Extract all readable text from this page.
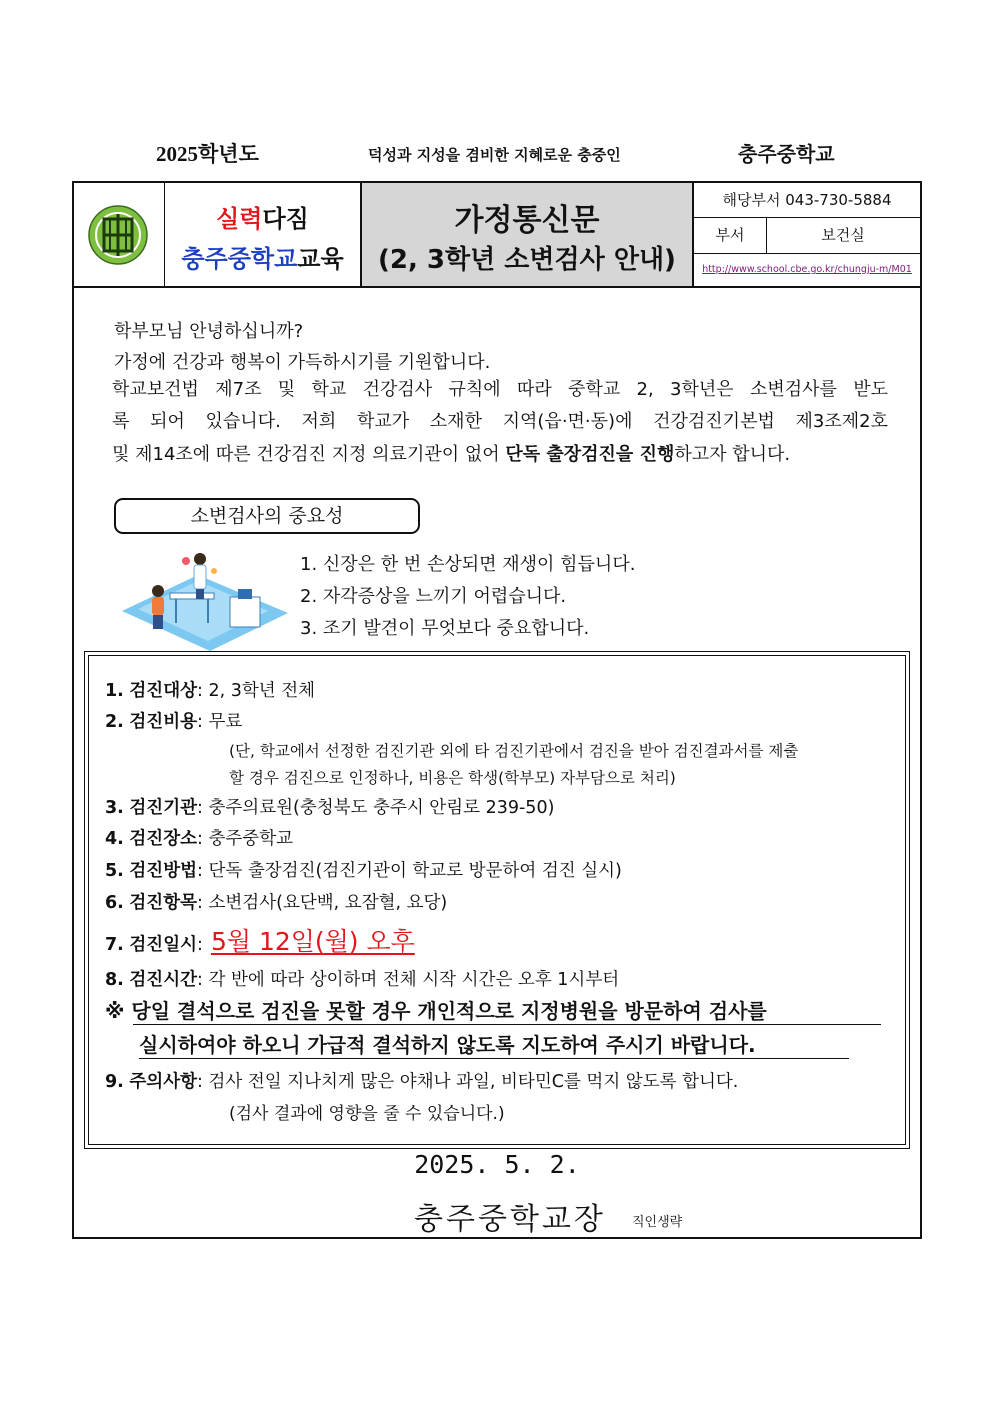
2025학년도	덕성과 지성을 겸비한 지혜로운 충중인	충주중학교
실력다짐
충주중학교교육
가정통신문
(2, 3학년 소변검사 안내)
해당부서 043-730-5884
부서	보건실
http://www.school.cbe.go.kr/chungju-m/M01
학부모님 안녕하십니까?
가정에 건강과 행복이 가득하시기를 기원합니다.
학교보건법 제7조 및 학교 건강검사 규칙에 따라 중학교 2, 3학년은 소변검사를 받도
록 되어 있습니다. 저희 학교가 소재한 지역(읍·면·동)에 건강검진기본법 제3조제2호
및 제14조에 따른 건강검진 지정 의료기관이 없어 단독 출장검진을 진행하고자 합니다.
소변검사의 중요성
1. 신장은 한 번 손상되면 재생이 힘듭니다.
2. 자각증상을 느끼기 어렵습니다.
3. 조기 발견이 무엇보다 중요합니다.
1. 검진대상: 2, 3학년 전체
2. 검진비용: 무료
(단, 학교에서 선정한 검진기관 외에 타 검진기관에서 검진을 받아 검진결과서를 제출
할 경우 검진으로 인정하나, 비용은 학생(학부모) 자부담으로 처리)
3. 검진기관: 충주의료원(충청북도 충주시 안림로 239-50)
4. 검진장소: 충주중학교
5. 검진방법: 단독 출장검진(검진기관이 학교로 방문하여 검진 실시)
6. 검진항목: 소변검사(요단백, 요잠혈, 요당)
7. 검진일시: 5월 12일(월) 오후
8. 검진시간: 각 반에 따라 상이하며 전체 시작 시간은 오후 1시부터
※ 당일 결석으로 검진을 못할 경우 개인적으로 지정병원을 방문하여 검사를
실시하여야 하오니 가급적 결석하지 않도록 지도하여 주시기 바랍니다.
9. 주의사항: 검사 전일 지나치게 많은 야채나 과일, 비타민C를 먹지 않도록 합니다.
(검사 결과에 영향을 줄 수 있습니다.)
2025. 5. 2.
충주중학교장 직인생략
